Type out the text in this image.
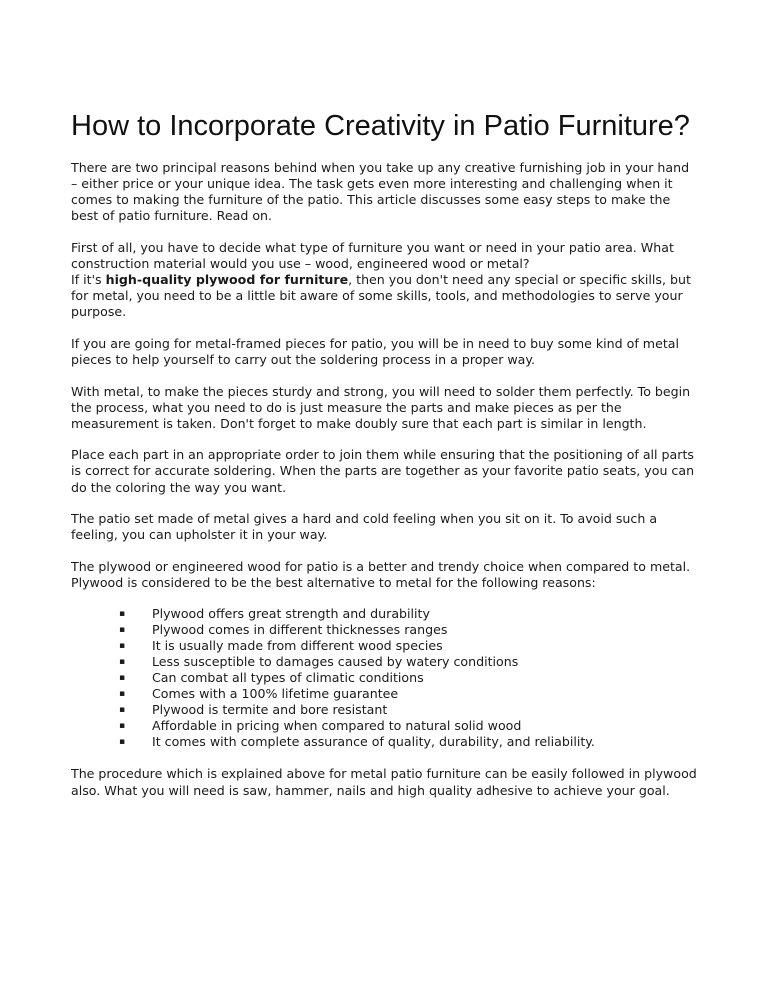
How to Incorporate Creativity in Patio Furniture?

There are two principal reasons behind when you take up any creative furnishing job in your hand – either price or your unique idea. The task gets even more interesting and challenging when it comes to making the furniture of the patio. This article discusses some easy steps to make the best of patio furniture. Read on.

First of all, you have to decide what type of furniture you want or need in your patio area. What construction material would you use – wood, engineered wood or metal?

If it's high-quality plywood for furniture, then you don't need any special or specific skills, but for metal, you need to be a little bit aware of some skills, tools, and methodologies to serve your purpose.

If you are going for metal-framed pieces for patio, you will be in need to buy some kind of metal pieces to help yourself to carry out the soldering process in a proper way.

With metal, to make the pieces sturdy and strong, you will need to solder them perfectly. To begin the process, what you need to do is just measure the parts and make pieces as per the measurement is taken. Don't forget to make doubly sure that each part is similar in length.

Place each part in an appropriate order to join them while ensuring that the positioning of all parts is correct for accurate soldering. When the parts are together as your favorite patio seats, you can do the coloring the way you want.

The patio set made of metal gives a hard and cold feeling when you sit on it. To avoid such a feeling, you can upholster it in your way.

The plywood or engineered wood for patio is a better and trendy choice when compared to metal. Plywood is considered to be the best alternative to metal for the following reasons:

▪ Plywood offers great strength and durability
▪ Plywood comes in different thicknesses ranges
▪ It is usually made from different wood species
▪ Less susceptible to damages caused by watery conditions
▪ Can combat all types of climatic conditions
▪ Comes with a 100% lifetime guarantee
▪ Plywood is termite and bore resistant
▪ Affordable in pricing when compared to natural solid wood
▪ It comes with complete assurance of quality, durability, and reliability.

The procedure which is explained above for metal patio furniture can be easily followed in plywood also. What you will need is saw, hammer, nails and high quality adhesive to achieve your goal.
